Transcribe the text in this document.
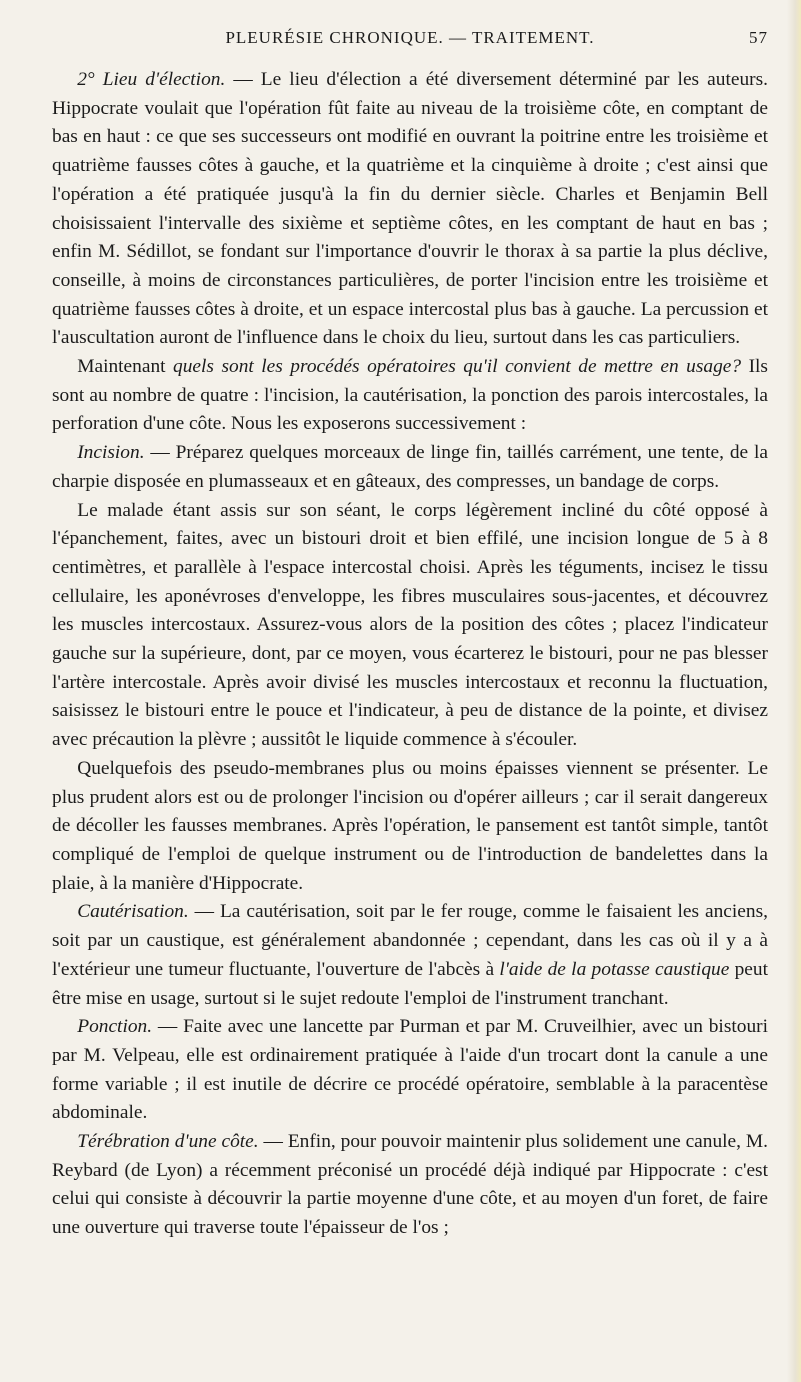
PLEURÉSIE CHRONIQUE. — TRAITEMENT.	57

2° Lieu d'élection. — Le lieu d'élection a été diversement déterminé par les auteurs. Hippocrate voulait que l'opération fût faite au niveau de la troisième côte, en comptant de bas en haut : ce que ses successeurs ont modifié en ouvrant la poitrine entre les troisième et quatrième fausses côtes à gauche, et la quatrième et la cinquième à droite ; c'est ainsi que l'opération a été pratiquée jusqu'à la fin du dernier siècle. Charles et Benjamin Bell choisissaient l'intervalle des sixième et septième côtes, en les comptant de haut en bas ; enfin M. Sédillot, se fondant sur l'importance d'ouvrir le thorax à sa partie la plus déclive, conseille, à moins de circonstances particulières, de porter l'incision entre les troisième et quatrième fausses côtes à droite, et un espace intercostal plus bas à gauche. La percussion et l'auscultation auront de l'influence dans le choix du lieu, surtout dans les cas particuliers.

Maintenant quels sont les procédés opératoires qu'il convient de mettre en usage? Ils sont au nombre de quatre : l'incision, la cautérisation, la ponction des parois intercostales, la perforation d'une côte. Nous les exposerons successivement :

Incision. — Préparez quelques morceaux de linge fin, taillés carrément, une tente, de la charpie disposée en plumasseaux et en gâteaux, des compresses, un bandage de corps.

Le malade étant assis sur son séant, le corps légèrement incliné du côté opposé à l'épanchement, faites, avec un bistouri droit et bien effilé, une incision longue de 5 à 8 centimètres, et parallèle à l'espace intercostal choisi. Après les téguments, incisez le tissu cellulaire, les aponévroses d'enveloppe, les fibres musculaires sous-jacentes, et découvrez les muscles intercostaux. Assurez-vous alors de la position des côtes ; placez l'indicateur gauche sur la supérieure, dont, par ce moyen, vous écarterez le bistouri, pour ne pas blesser l'artère intercostale. Après avoir divisé les muscles intercostaux et reconnu la fluctuation, saisissez le bistouri entre le pouce et l'indicateur, à peu de distance de la pointe, et divisez avec précaution la plèvre ; aussitôt le liquide commence à s'écouler.

Quelquefois des pseudo-membranes plus ou moins épaisses viennent se présenter. Le plus prudent alors est ou de prolonger l'incision ou d'opérer ailleurs ; car il serait dangereux de décoller les fausses membranes. Après l'opération, le pansement est tantôt simple, tantôt compliqué de l'emploi de quelque instrument ou de l'introduction de bandelettes dans la plaie, à la manière d'Hippocrate.

Cautérisation. — La cautérisation, soit par le fer rouge, comme le faisaient les anciens, soit par un caustique, est généralement abandonnée ; cependant, dans les cas où il y a à l'extérieur une tumeur fluctuante, l'ouverture de l'abcès à l'aide de la potasse caustique peut être mise en usage, surtout si le sujet redoute l'emploi de l'instrument tranchant.

Ponction. — Faite avec une lancette par Purman et par M. Cruveilhier, avec un bistouri par M. Velpeau, elle est ordinairement pratiquée à l'aide d'un trocart dont la canule a une forme variable ; il est inutile de décrire ce procédé opératoire, semblable à la paracentèse abdominale.

Térébration d'une côte. — Enfin, pour pouvoir maintenir plus solidement une canule, M. Reybard (de Lyon) a récemment préconisé un procédé déjà indiqué par Hippocrate : c'est celui qui consiste à découvrir la partie moyenne d'une côte, et au moyen d'un foret, de faire une ouverture qui traverse toute l'épaisseur de l'os ;
